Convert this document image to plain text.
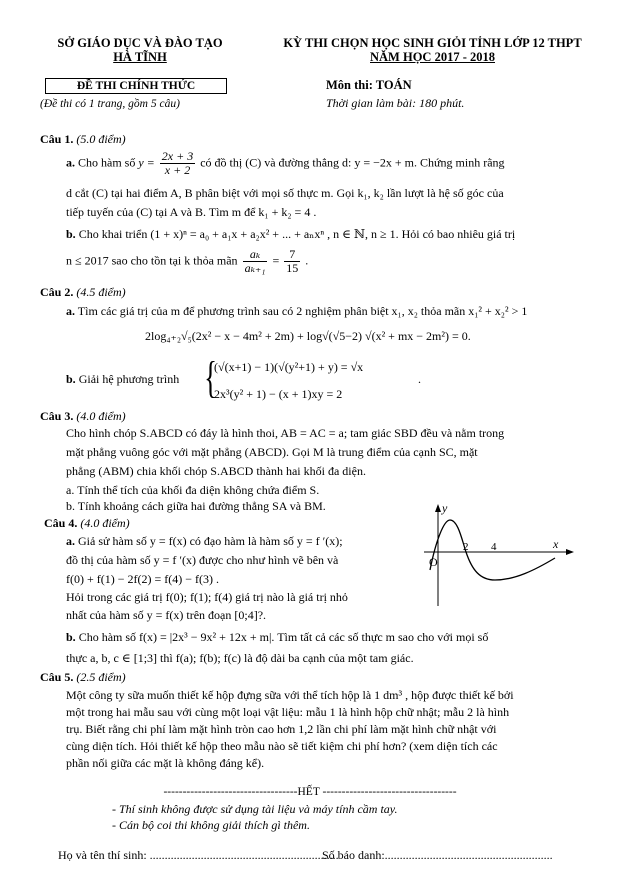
SỞ GIÁO DỤC VÀ ĐÀO TẠO
HÀ TĨNH
KỲ THI CHỌN HỌC SINH GIỎI TỈNH LỚP 12 THPT
NĂM HỌC 2017 - 2018
ĐỀ THI CHÍNH THỨC
(Đề thi có 1 trang, gồm 5 câu)
Môn thi: TOÁN
Thời gian làm bài: 180 phút.
Câu 1. (5.0 điểm)
a. Cho hàm số $y = \frac{2x + 3}{x + 2}$ có đồ thị (C) và đường thẳng d: y = −2x + m. Chứng minh rằng
d cắt (C) tại hai điểm A, B phân biệt với mọi số thực m. Gọi k₁, k₂ lần lượt là hệ số góc của
tiếp tuyến của (C) tại A và B. Tìm m để k₁ + k₂ = 4 .
b. Cho khai triển (1 + x)ⁿ = a₀ + a₁x + a₂x² + ... + aₙxⁿ , n ∈ ℕ, n ≥ 1. Hỏi có bao nhiêu giá trị
n ≤ 2017 sao cho tồn tại k thỏa mãn $\frac{\text{aₖ}}{\text{aₖ₊₁}} = \frac{7}{15}$ .
Câu 2. (4.5 điểm)
a. Tìm các giá trị của m để phương trình sau có 2 nghiệm phân biệt x₁, x₂ thỏa mãn x₁² + x₂² > 1
2log₄₊₂√₅(2x² − x − 4m² + 2m) + log√(√5−2) √(x² + mx − 2m²) = 0.
b. Giải hệ phương trình {
(√(x+1) − 1)(√(y²+1) + y) = √x
2x³(y² + 1) − (x + 1)xy = 2
.
Câu 3. (4.0 điểm)
Cho hình chóp S.ABCD có đáy là hình thoi, AB = AC = a; tam giác SBD đều và nằm trong
mặt phẳng vuông góc với mặt phẳng (ABCD). Gọi M là trung điểm của cạnh SC, mặt
phẳng (ABM) chia khối chóp S.ABCD thành hai khối đa diện.
a. Tính thể tích của khối đa diện không chứa điểm S.
b. Tính khoảng cách giữa hai đường thẳng SA và BM.
Câu 4. (4.0 điểm)
a. Giả sử hàm số y = f(x) có đạo hàm là hàm số y = f ′(x);
đồ thị của hàm số y = f ′(x) được cho như hình vẽ bên và
f(0) + f(1) − 2f(2) = f(4) − f(3) .
Hỏi trong các giá trị f(0); f(1); f(4) giá trị nào là giá trị nhỏ
nhất của hàm số y = f(x) trên đoạn [0;4]?.
y
x
O
2 4
b. Cho hàm số f(x) = |2x³ − 9x² + 12x + m|. Tìm tất cả các số thực m sao cho với mọi số
thực a, b, c ∈ [1;3] thì f(a); f(b); f(c) là độ dài ba cạnh của một tam giác.
Câu 5. (2.5 điểm)
Một công ty sữa muốn thiết kế hộp đựng sữa với thể tích hộp là 1 dm³ , hộp được thiết kế bởi
một trong hai mẫu sau với cùng một loại vật liệu: mẫu 1 là hình hộp chữ nhật; mẫu 2 là hình
trụ. Biết rằng chi phí làm mặt hình tròn cao hơn 1,2 lần chi phí làm mặt hình chữ nhật với
cùng diện tích. Hỏi thiết kế hộp theo mẫu nào sẽ tiết kiệm chi phí hơn? (xem diện tích các
phần nối giữa các mặt là không đáng kể).
-----------------------------------HẾT -----------------------------------
- Thí sinh không được sử dụng tài liệu và máy tính cầm tay.
- Cán bộ coi thi không giải thích gì thêm.
Họ và tên thí sinh: ...............................................................
Số báo danh:........................................................
